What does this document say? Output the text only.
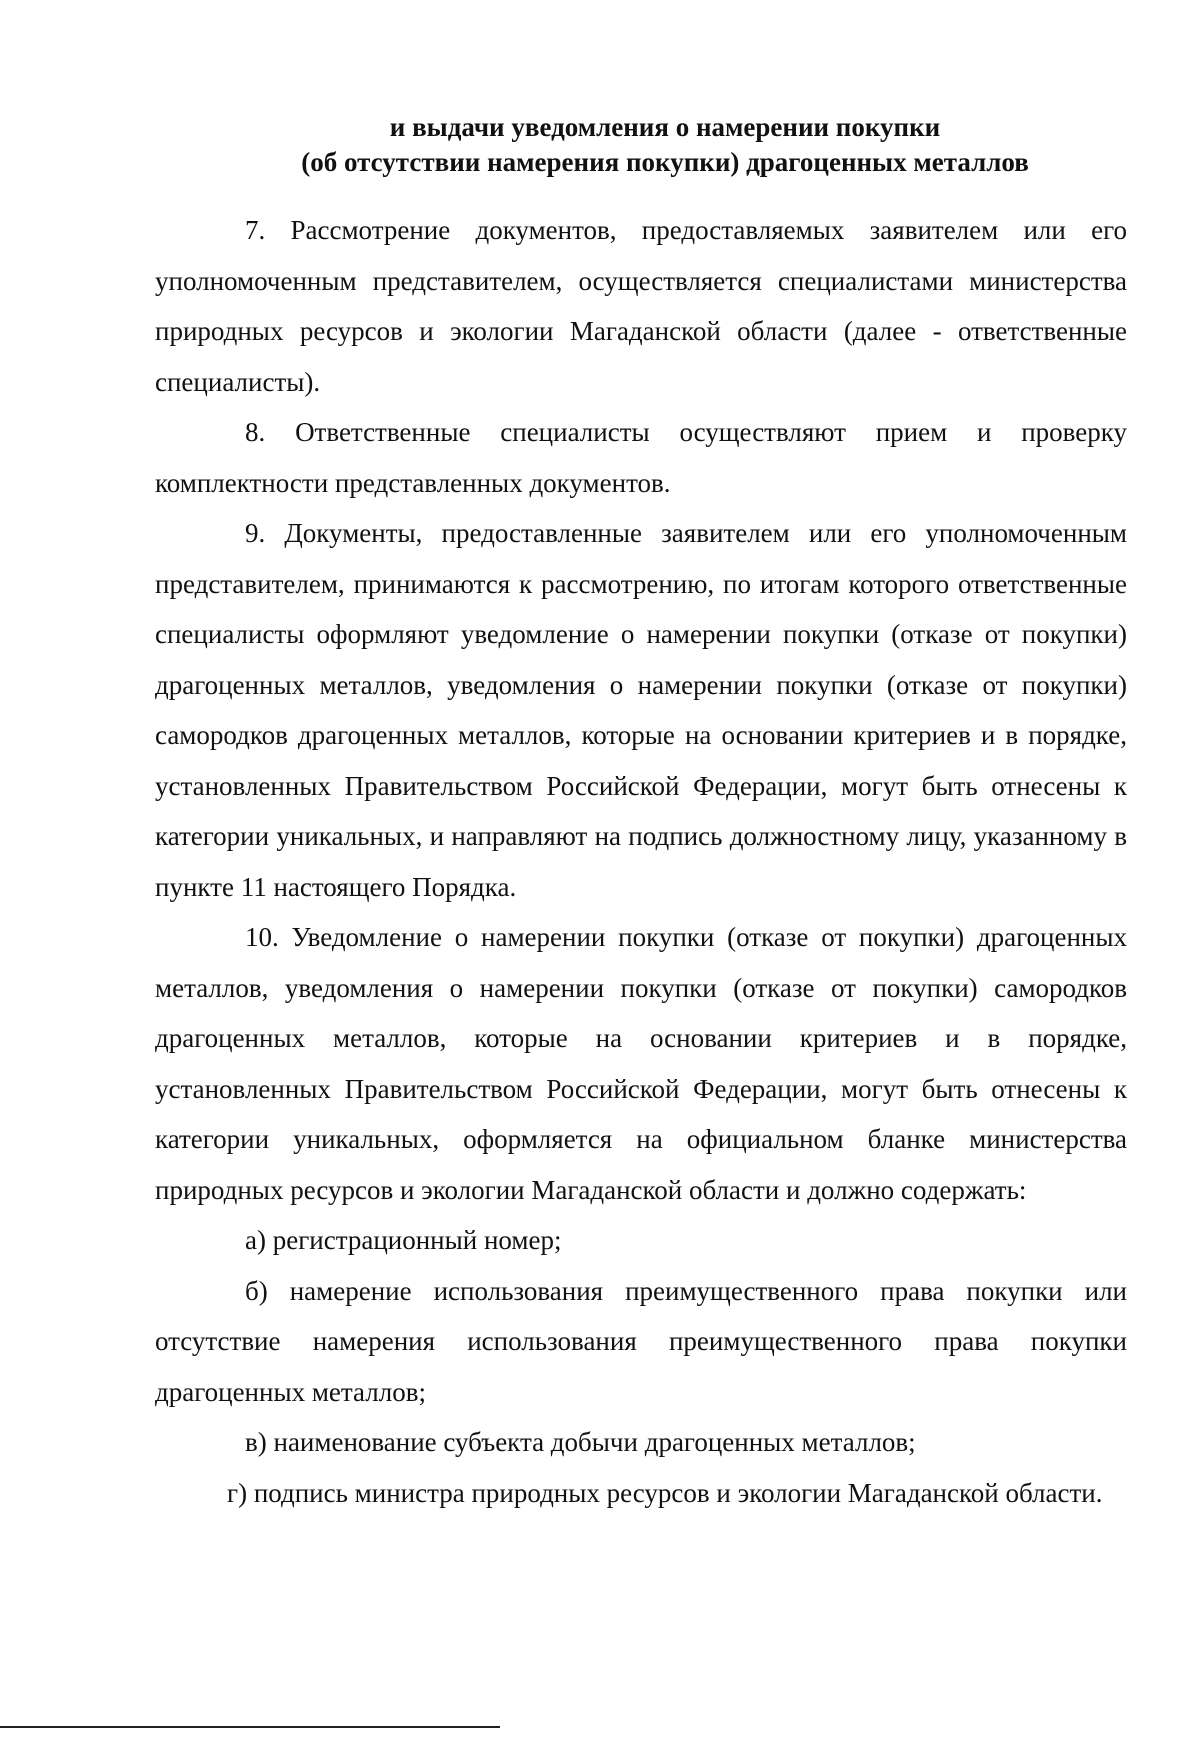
и выдачи уведомления о намерении покупки
(об отсутствии намерения покупки) драгоценных металлов

7. Рассмотрение документов, предоставляемых заявителем или его уполномоченным представителем, осуществляется специалистами министерства природных ресурсов и экологии Магаданской области (далее - ответственные специалисты).

8. Ответственные специалисты осуществляют прием и проверку комплектности представленных документов.

9. Документы, предоставленные заявителем или его уполномоченным представителем, принимаются к рассмотрению, по итогам которого ответственные специалисты оформляют уведомление о намерении покупки (отказе от покупки) драгоценных металлов, уведомления о намерении покупки (отказе от покупки) самородков драгоценных металлов, которые на основании критериев и в порядке, установленных Правительством Российской Федерации, могут быть отнесены к категории уникальных, и направляют на подпись должностному лицу, указанному в пункте 11 настоящего Порядка.

10. Уведомление о намерении покупки (отказе от покупки) драгоценных металлов, уведомления о намерении покупки (отказе от покупки) самородков драгоценных металлов, которые на основании критериев и в порядке, установленных Правительством Российской Федерации, могут быть отнесены к категории уникальных, оформляется на официальном бланке министерства природных ресурсов и экологии Магаданской области и должно содержать:

а) регистрационный номер;

б) намерение использования преимущественного права покупки или отсутствие намерения использования преимущественного права покупки драгоценных металлов;

в) наименование субъекта добычи драгоценных металлов;

г) подпись министра природных ресурсов и экологии Магаданской области.
